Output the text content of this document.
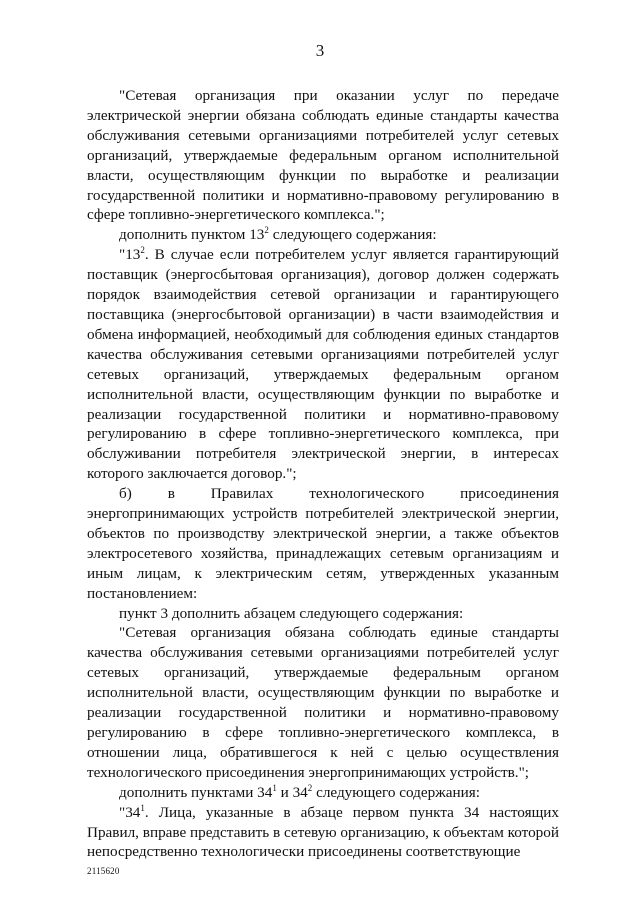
3

"Сетевая организация при оказании услуг по передаче электрической энергии обязана соблюдать единые стандарты качества обслуживания сетевыми организациями потребителей услуг сетевых организаций, утверждаемые федеральным органом исполнительной власти, осуществляющим функции по выработке и реализации государственной политики и нормативно-правовому регулированию в сфере топливно-энергетического комплекса.";

дополнить пунктом $13^2$ следующего содержания:

"$13^2$. В случае если потребителем услуг является гарантирующий поставщик (энергосбытовая организация), договор должен содержать порядок взаимодействия сетевой организации и гарантирующего поставщика (энергосбытовой организации) в части взаимодействия и обмена информацией, необходимый для соблюдения единых стандартов качества обслуживания сетевыми организациями потребителей услуг сетевых организаций, утверждаемых федеральным органом исполнительной власти, осуществляющим функции по выработке и реализации государственной политики и нормативно-правовому регулированию в сфере топливно-энергетического комплекса, при обслуживании потребителя электрической энергии, в интересах которого заключается договор.";

б) в Правилах технологического присоединения энергопринимающих устройств потребителей электрической энергии, объектов по производству электрической энергии, а также объектов электросетевого хозяйства, принадлежащих сетевым организациям и иным лицам, к электрическим сетям, утвержденных указанным постановлением:

пункт 3 дополнить абзацем следующего содержания:

"Сетевая организация обязана соблюдать единые стандарты качества обслуживания сетевыми организациями потребителей услуг сетевых организаций, утверждаемые федеральным органом исполнительной власти, осуществляющим функции по выработке и реализации государственной политики и нормативно-правовому регулированию в сфере топливно-энергетического комплекса, в отношении лица, обратившегося к ней с целью осуществления технологического присоединения энергопринимающих устройств.";

дополнить пунктами $34^1$ и $34^2$ следующего содержания:

"$34^1$. Лица, указанные в абзаце первом пункта 34 настоящих Правил, вправе представить в сетевую организацию, к объектам которой непосредственно технологически присоединены соответствующие

2115620
